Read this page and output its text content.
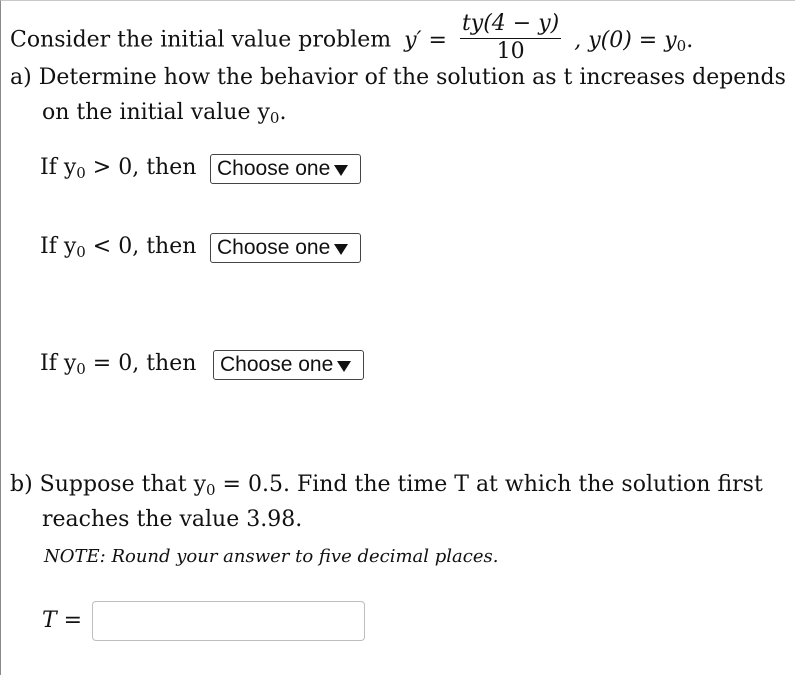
Consider the initial value problem $y' = \frac{ty(4 - y)}{10}$ , $y(0) = y_0$.
a) Determine how the behavior of the solution as t increases depends
on the initial value $y_0$.
If $y_0 > 0$, then Choose one
If $y_0 < 0$, then Choose one
If $y_0 = 0$, then Choose one
b) Suppose that $y_0 = 0.5$. Find the time T at which the solution first
reaches the value 3.98.
NOTE: Round your answer to five decimal places.
T =
